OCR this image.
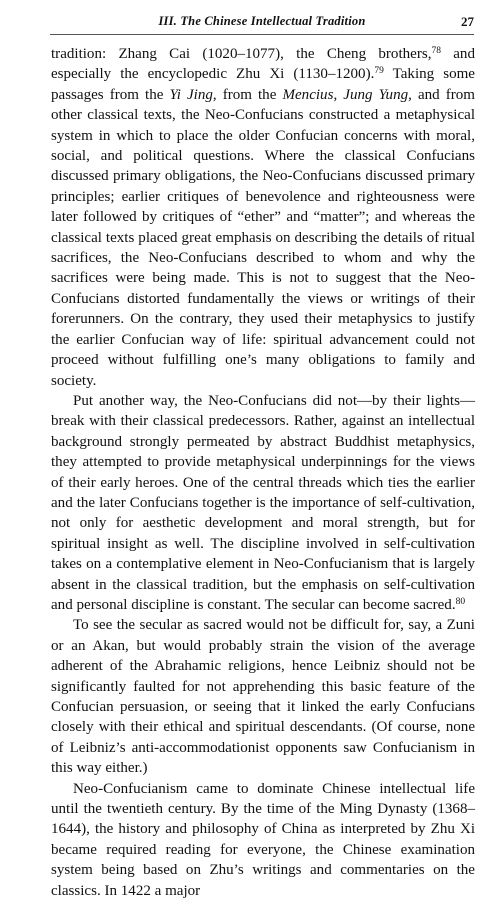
III. The Chinese Intellectual Tradition	27

tradition: Zhang Cai (1020–1077), the Cheng brothers,$^{78}$ and especially the encyclopedic Zhu Xi (1130–1200).$^{79}$ Taking some passages from the Yi Jing, from the Mencius, Jung Yung, and from other classical texts, the Neo-Confucians constructed a metaphysical system in which to place the older Confucian concerns with moral, social, and political questions. Where the classical Confucians discussed primary obligations, the Neo-Confucians discussed primary principles; earlier critiques of benevolence and righteousness were later followed by critiques of “ether” and “matter”; and whereas the classical texts placed great emphasis on describing the details of ritual sacrifices, the Neo-Confucians described to whom and why the sacrifices were being made. This is not to suggest that the Neo-Confucians distorted fundamentally the views or writings of their forerunners. On the contrary, they used their metaphysics to justify the earlier Confucian way of life: spiritual advancement could not proceed without fulfilling one’s many obligations to family and society.

Put another way, the Neo-Confucians did not—by their lights—break with their classical predecessors. Rather, against an intellectual background strongly permeated by abstract Buddhist metaphysics, they attempted to provide metaphysical underpinnings for the views of their early heroes. One of the central threads which ties the earlier and the later Confucians together is the importance of self-cultivation, not only for aesthetic development and moral strength, but for spiritual insight as well. The discipline involved in self-cultivation takes on a contemplative element in Neo-Confucianism that is largely absent in the classical tradition, but the emphasis on self-cultivation and personal discipline is constant. The secular can become sacred.$^{80}$

To see the secular as sacred would not be difficult for, say, a Zuni or an Akan, but would probably strain the vision of the average adherent of the Abrahamic religions, hence Leibniz should not be significantly faulted for not apprehending this basic feature of the Confucian persuasion, or seeing that it linked the early Confucians closely with their ethical and spiritual descendants. (Of course, none of Leibniz’s anti-accommodationist opponents saw Confucianism in this way either.)

Neo-Confucianism came to dominate Chinese intellectual life until the twentieth century. By the time of the Ming Dynasty (1368–1644), the history and philosophy of China as interpreted by Zhu Xi became required reading for everyone, the Chinese examination system being based on Zhu’s writings and commentaries on the classics. In 1422 a major
